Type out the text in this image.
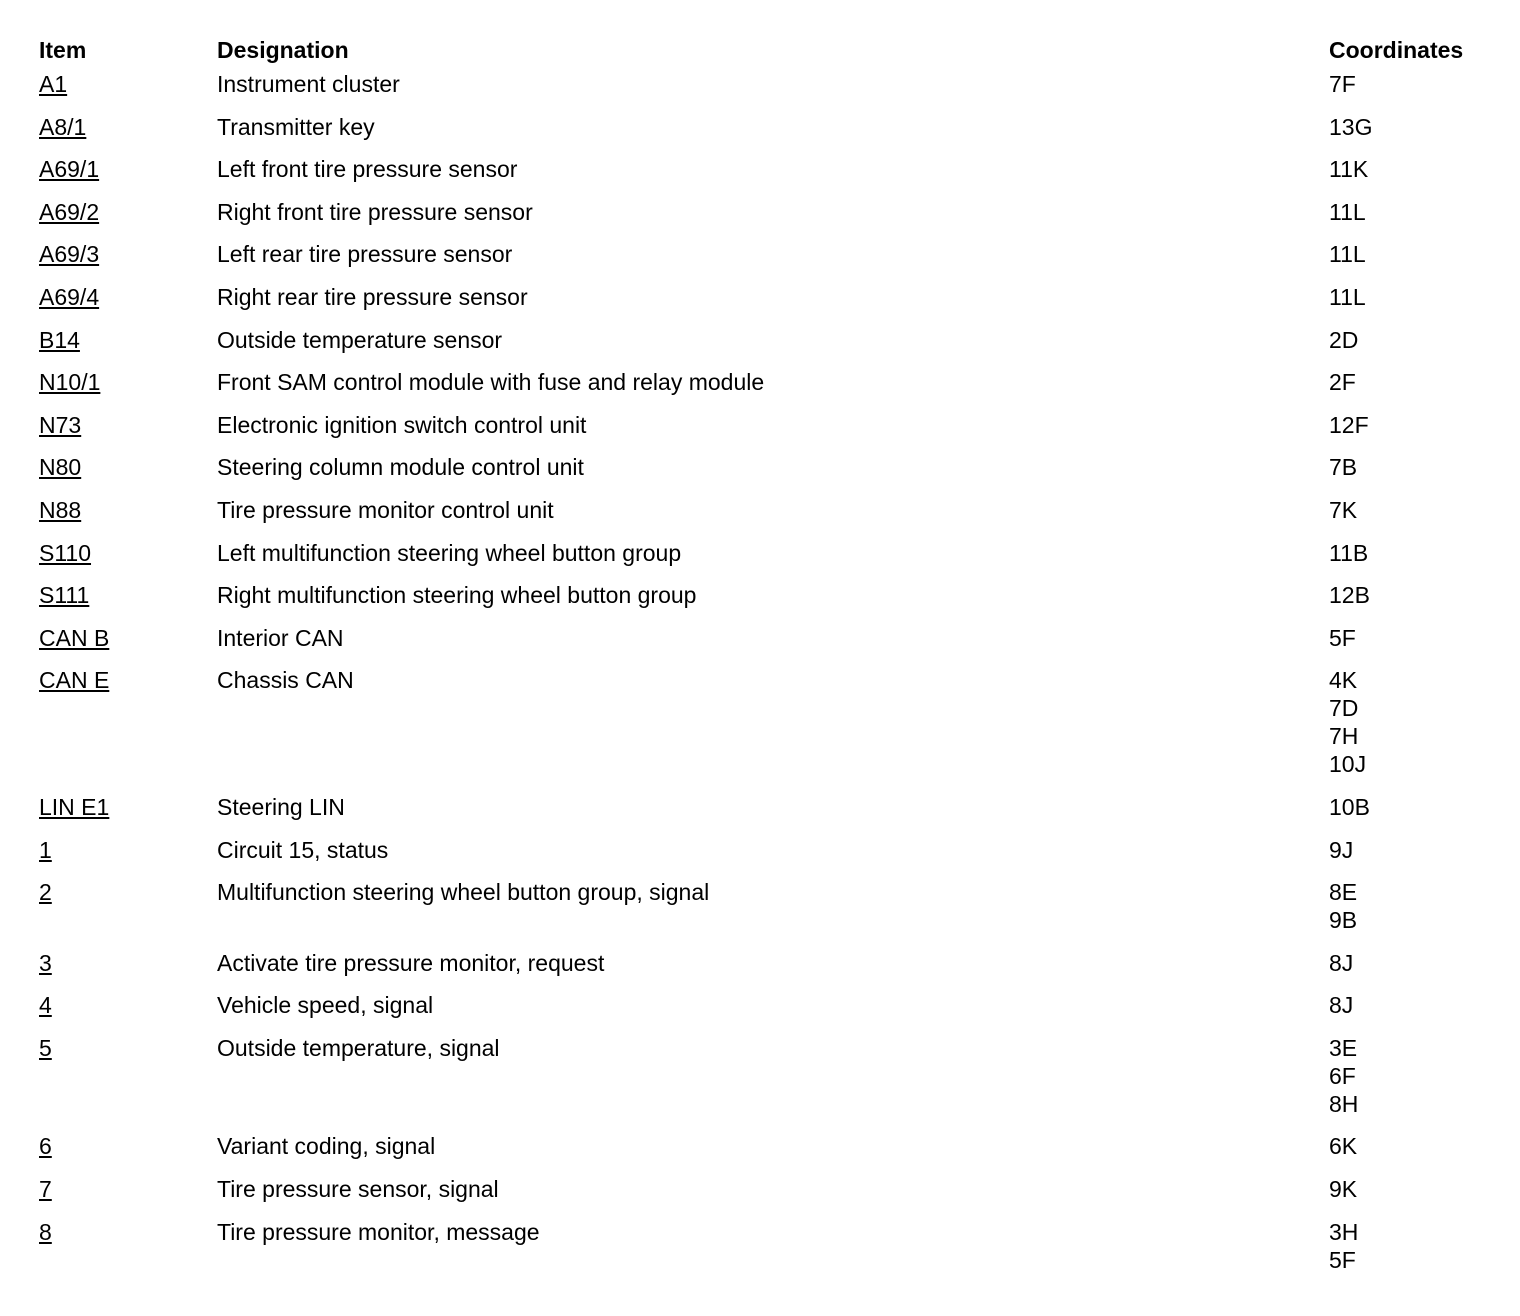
Item	Designation	Coordinates
A1	Instrument cluster	7F
A8/1	Transmitter key	13G
A69/1	Left front tire pressure sensor	11K
A69/2	Right front tire pressure sensor	11L
A69/3	Left rear tire pressure sensor	11L
A69/4	Right rear tire pressure sensor	11L
B14	Outside temperature sensor	2D
N10/1	Front SAM control module with fuse and relay module	2F
N73	Electronic ignition switch control unit	12F
N80	Steering column module control unit	7B
N88	Tire pressure monitor control unit	7K
S110	Left multifunction steering wheel button group	11B
S111	Right multifunction steering wheel button group	12B
CAN B	Interior CAN	5F
CAN E	Chassis CAN	4K
7D
7H
10J
LIN E1	Steering LIN	10B
1	Circuit 15, status	9J
2	Multifunction steering wheel button group, signal	8E
9B
3	Activate tire pressure monitor, request	8J
4	Vehicle speed, signal	8J
5	Outside temperature, signal	3E
6F
8H
6	Variant coding, signal	6K
7	Tire pressure sensor, signal	9K
8	Tire pressure monitor, message	3H
5F
